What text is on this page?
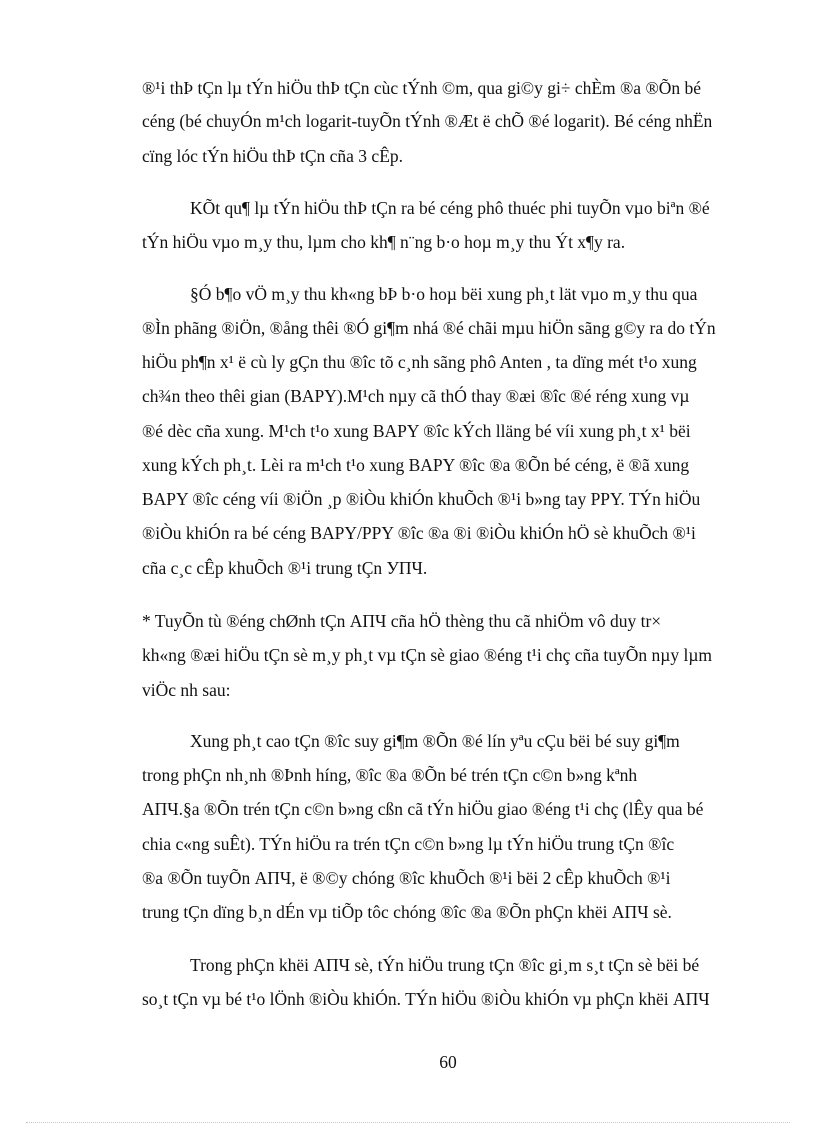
®¹i thÞ tÇn lµ tÝn hiÖu thÞ tÇn cùc tÝnh ©m, qua gi©y gi÷ chÈm ®a ®Õn bé
céng (bé chuyÓn m¹ch logarit-tuyÕn tÝnh ®Æt ë chÕ ®é logarit). Bé céng nhËn
cïng lóc tÝn hiÖu thÞ tÇn cña 3 cÊp.
KÕt qu¶ lµ tÝn hiÖu thÞ tÇn ra bé céng phô thuéc phi tuyÕn vµo biªn ®é
tÝn hiÖu vµo m¸y thu, lµm cho kh¶ n¨ng b·o hoµ m¸y thu Ýt x¶y ra.
§Ó b¶o vÖ m¸y thu kh«ng bÞ b·o hoµ bëi xung ph¸t lät vµo m¸y thu qua
®Ìn phãng ®iÖn, ®ång thêi ®Ó gi¶m nhá ®é chãi mµu hiÖn sãng g©y ra do tÝn
hiÖu ph¶n x¹ ë cù ly gÇn thu ®îc tõ c¸nh sãng phô Anten , ta dïng mét t¹o xung
ch¾n theo thêi gian (BAPY).M¹ch nµy cã thÓ thay ®æi ®îc ®é réng xung vµ
®é dèc cña xung. M¹ch t¹o xung BAPY ®îc kÝch lläng bé víi xung ph¸t x¹ bëi
xung kÝch ph¸t. Lèi ra m¹ch t¹o xung BAPY ®îc ®a ®Õn bé céng, ë ®ã xung
BAPY ®îc céng víi ®iÖn ¸p ®iÒu khiÓn khuÕch ®¹i b»ng tay PPY. TÝn hiÖu
®iÒu khiÓn ra bé céng BAPY/PPY ®îc ®a ®i ®iÒu khiÓn hÖ sè khuÕch ®¹i
cña c¸c cÊp khuÕch ®¹i trung tÇn УПЧ.
* TuyÕn tù ®éng chØnh tÇn АПЧ cña hÖ thèng thu cã nhiÖm vô duy tr×
kh«ng ®æi hiÖu tÇn sè m¸y ph¸t vµ tÇn sè giao ®éng t¹i chç cña tuyÕn nµy lµm
viÖc nh sau:
Xung ph¸t cao tÇn ®îc suy gi¶m ®Õn ®é lín yªu cÇu bëi bé suy gi¶m
trong phÇn nh¸nh ®Þnh híng, ®îc ®a ®Õn bé trén tÇn c©n b»ng kªnh
АПЧ.§a ®Õn trén tÇn c©n b»ng cßn cã tÝn hiÖu giao ®éng t¹i chç (lÊy qua bé
chia c«ng suÊt). TÝn hiÖu ra trén tÇn c©n b»ng lµ tÝn hiÖu trung tÇn ®îc
®a ®Õn tuyÕn АПЧ, ë ®©y chóng ®îc khuÕch ®¹i bëi 2 cÊp khuÕch ®¹i
trung tÇn dïng b¸n dÉn vµ tiÕp tôc chóng ®îc ®a ®Õn phÇn khëi АПЧ sè.
Trong phÇn khëi АПЧ sè, tÝn hiÖu trung tÇn ®îc gi¸m s¸t tÇn sè bëi bé
so¸t tÇn vµ bé t¹o lÖnh ®iÒu khiÓn. TÝn hiÖu ®iÒu khiÓn vµ phÇn khëi АПЧ
60
